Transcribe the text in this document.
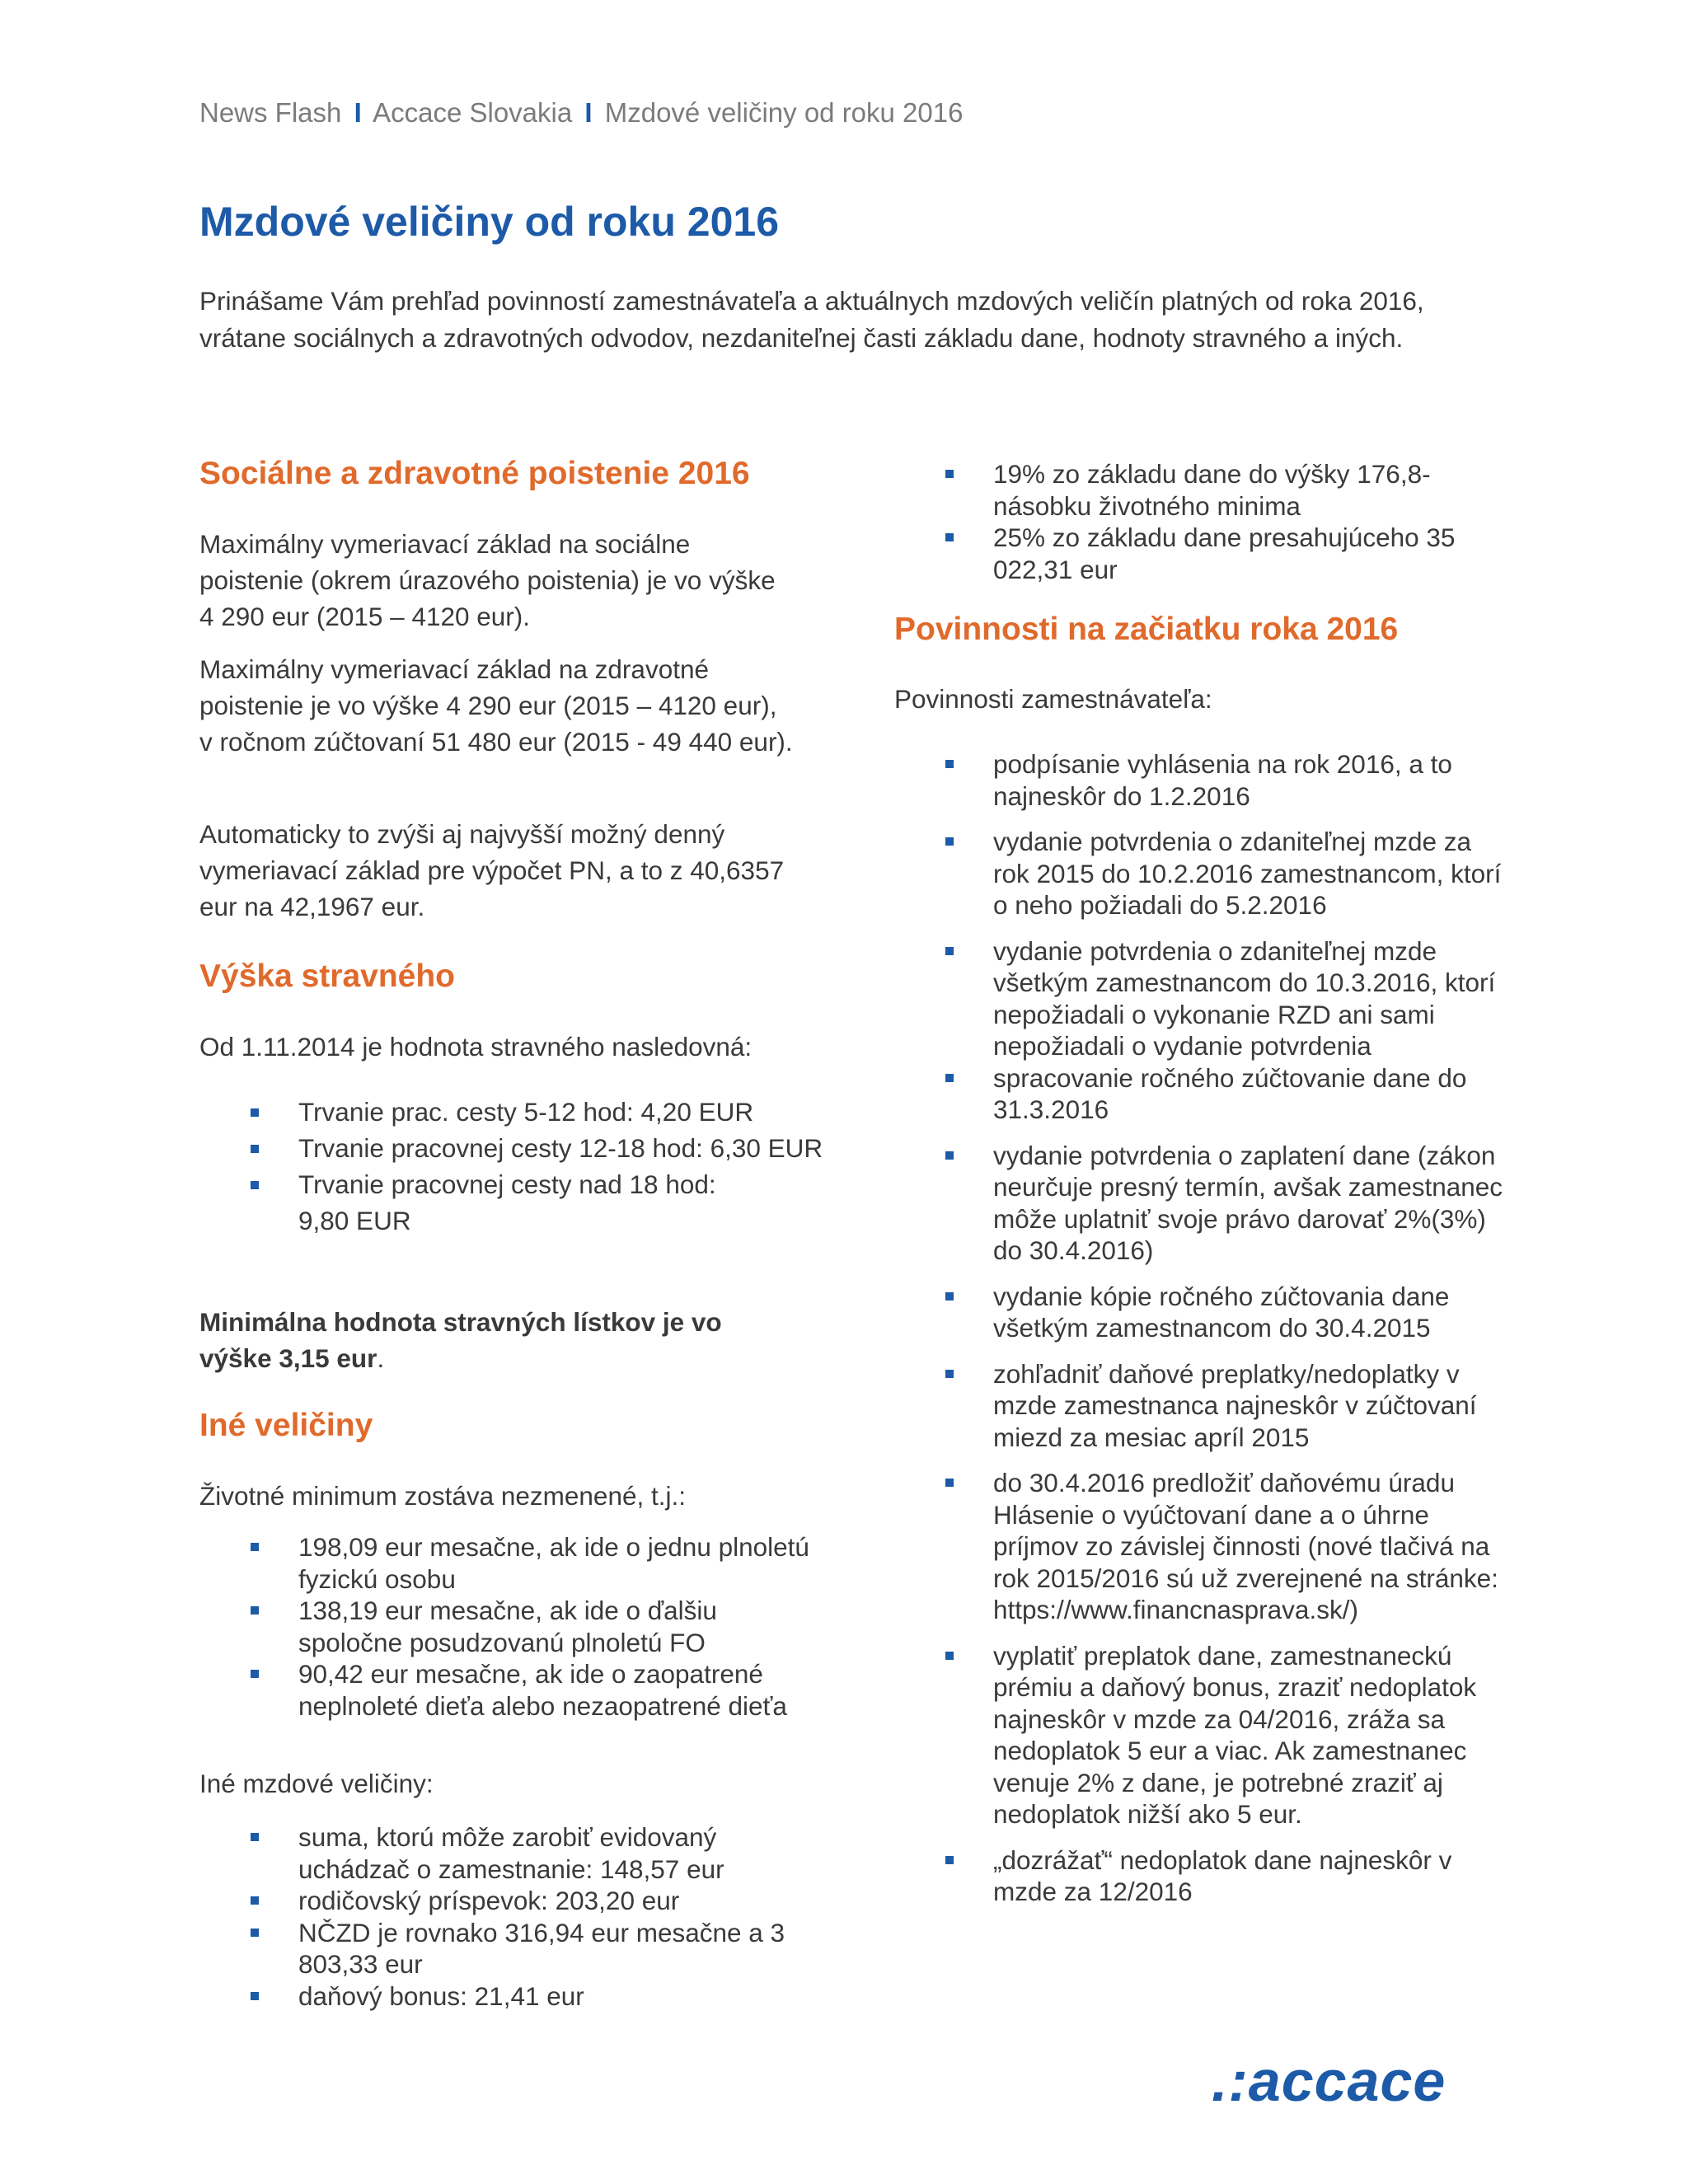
News Flash I Accace Slovakia I Mzdové veličiny od roku 2016
Mzdové veličiny od roku 2016

Prinášame Vám prehľad povinností zamestnávateľa a aktuálnych mzdových veličín platných od roka 2016, vrátane sociálnych a zdravotných odvodov, nezdaniteľnej časti základu dane, hodnoty stravného a iných.

Sociálne a zdravotné poistenie 2016

Maximálny vymeriavací základ na sociálne poistenie (okrem úrazového poistenia) je vo výške 4 290 eur (2015 – 4120 eur).

Maximálny vymeriavací základ na zdravotné poistenie je vo výške 4 290 eur (2015 – 4120 eur), v ročnom zúčtovaní 51 480 eur (2015 - 49 440 eur).

Automaticky to zvýši aj najvyšší možný denný vymeriavací základ pre výpočet PN, a to z 40,6357 eur na 42,1967 eur.

Výška stravného

Od 1.11.2014 je hodnota stravného nasledovná:

Trvanie prac. cesty 5-12 hod: 4,20 EUR
Trvanie pracovnej cesty 12-18 hod: 6,30 EUR
Trvanie pracovnej cesty nad 18 hod: 9,80 EUR

Minimálna hodnota stravných lístkov je vo výške 3,15 eur.

Iné veličiny

Životné minimum zostáva nezmenené, t.j.:

198,09 eur mesačne, ak ide o jednu plnoletú fyzickú osobu
138,19 eur mesačne, ak ide o ďalšiu spoločne posudzovanú plnoletú FO
90,42 eur mesačne, ak ide o zaopatrené neplnoleté dieťa alebo nezaopatrené dieťa

Iné mzdové veličiny:

suma, ktorú môže zarobiť evidovaný uchádzač o zamestnanie: 148,57 eur
rodičovský príspevok: 203,20 eur
NČZD je rovnako 316,94 eur mesačne a 3 803,33 eur
daňový bonus: 21,41 eur
19% zo základu dane do výšky 176,8-násobku životného minima
25% zo základu dane presahujúceho 35 022,31 eur
Povinnosti na začiatku roka 2016

Povinnosti zamestnávateľa:

podpísanie vyhlásenia na rok 2016, a to najneskôr do 1.2.2016
vydanie potvrdenia o zdaniteľnej mzde za rok 2015 do 10.2.2016 zamestnancom, ktorí o neho požiadali do 5.2.2016
vydanie potvrdenia o zdaniteľnej mzde všetkým zamestnancom do 10.3.2016, ktorí nepožiadali o vykonanie RZD ani sami nepožiadali o vydanie potvrdenia
spracovanie ročného zúčtovanie dane do 31.3.2016
vydanie potvrdenia o zaplatení dane (zákon neurčuje presný termín, avšak zamestnanec môže uplatniť svoje právo darovať 2%(3%) do 30.4.2016)
vydanie kópie ročného zúčtovania dane všetkým zamestnancom do 30.4.2015
zohľadniť daňové preplatky/nedoplatky v mzde zamestnanca najneskôr v zúčtovaní miezd za mesiac apríl 2015
do 30.4.2016 predložiť daňovému úradu Hlásenie o vyúčtovaní dane a o úhrne príjmov zo závislej činnosti (nové tlačivá na rok 2015/2016 sú už zverejnené na stránke: https://www.financnasprava.sk/)
vyplatiť preplatok dane, zamestnaneckú prémiu a daňový bonus, zraziť nedoplatok najneskôr v mzde za 04/2016, zrážа sa nedoplatok 5 eur a viac. Ak zamestnanec venuje 2% z dane, je potrebné zraziť aj nedoplatok nižší ako 5 eur.
„dozrážať“ nedoplatok dane najneskôr v mzde za 12/2016
.:accace
